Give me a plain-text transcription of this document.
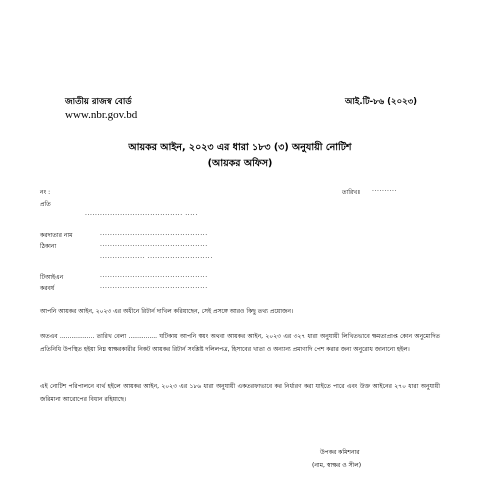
জাতীয় রাজস্ব বোর্ড
www.nbr.gov.bd
আই.টি-৮৬ (২০২৩)
আয়কর আইন, ২০২৩ এর ধারা ১৮৩ (৩) অনুযায়ী নোটিশ
(আয়কর অফিস)
নং :	তারিখঃ ..........
প্রতি
....................................... .....
করদাতার নাম	...........................................
ঠিকানা	...........................................
.................. ..........................
টিআইএন	...........................................
করবর্ষ	...........................................
আপনি আয়কর আইন, ২০২৩ এর অধীনে রিটার্ন দাখিল করিয়াছেন, সেই প্রসঙ্গে আরও কিছু তথ্য প্রয়োজন।
অতএব .................. তারিখ বেলা ............... ঘটিকায় আপনি স্বয়ং অথবা আয়কর আইন, ২০২৩ এর ৩২৭ ধারা অনুযায়ী লিখিতভাবে ক্ষমতাপ্রাপ্ত কোন অনুমোদিত প্রতিনিধি উপস্থিত হইয়া নিম্ন স্বাক্ষরকারীর নিকট আয়কর রিটার্ন সংশ্লিষ্ট দলিলপত্র, হিসাবের খাতা ও অন্যান্য প্রমাণাদি পেশ করার জন্য অনুরোধ জানানো হইল।
এই নোটিশ পরিপালনে ব্যর্থ হইলে আয়কর আইন, ২০২৩ এর ১৮৬ ধারা অনুযায়ী একতরফাভাবে কর নির্ধারণ করা যাইতে পারে এবং উক্ত আইনের ২৭০ ধারা অনুযায়ী জরিমানা আরোপের বিধান রহিয়াছে।
উপকর কমিশনার
(নাম, স্বাক্ষর ও সীল)
